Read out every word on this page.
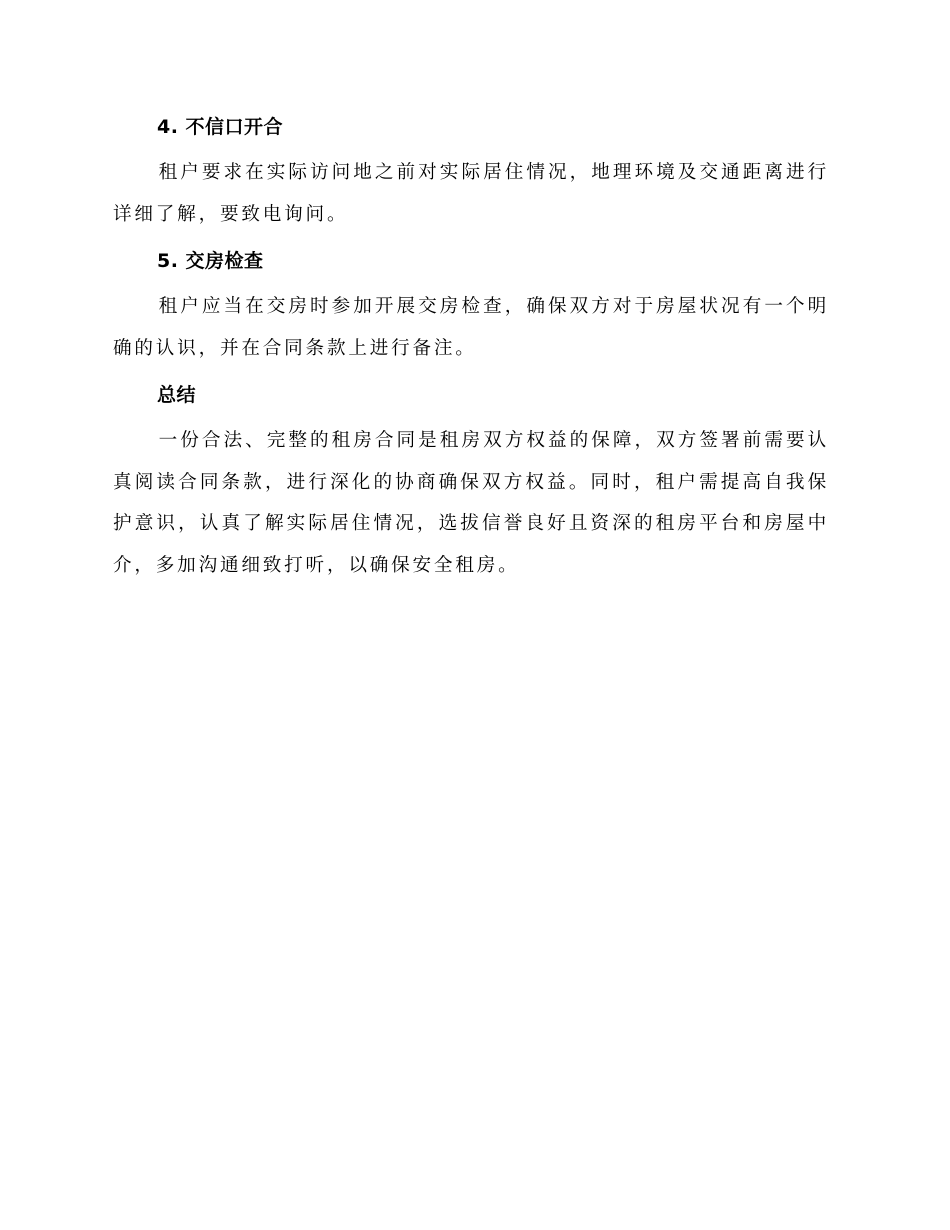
4. 不信口开合

租户要求在实际访问地之前对实际居住情况，地理环境及交通距离进行详细了解，要致电询问。

5. 交房检查

租户应当在交房时参加开展交房检查，确保双方对于房屋状况有一个明确的认识，并在合同条款上进行备注。

总结

一份合法、完整的租房合同是租房双方权益的保障，双方签署前需要认真阅读合同条款，进行深化的协商确保双方权益。同时，租户需提高自我保护意识，认真了解实际居住情况，选拔信誉良好且资深的租房平台和房屋中介，多加沟通细致打听，以确保安全租房。
